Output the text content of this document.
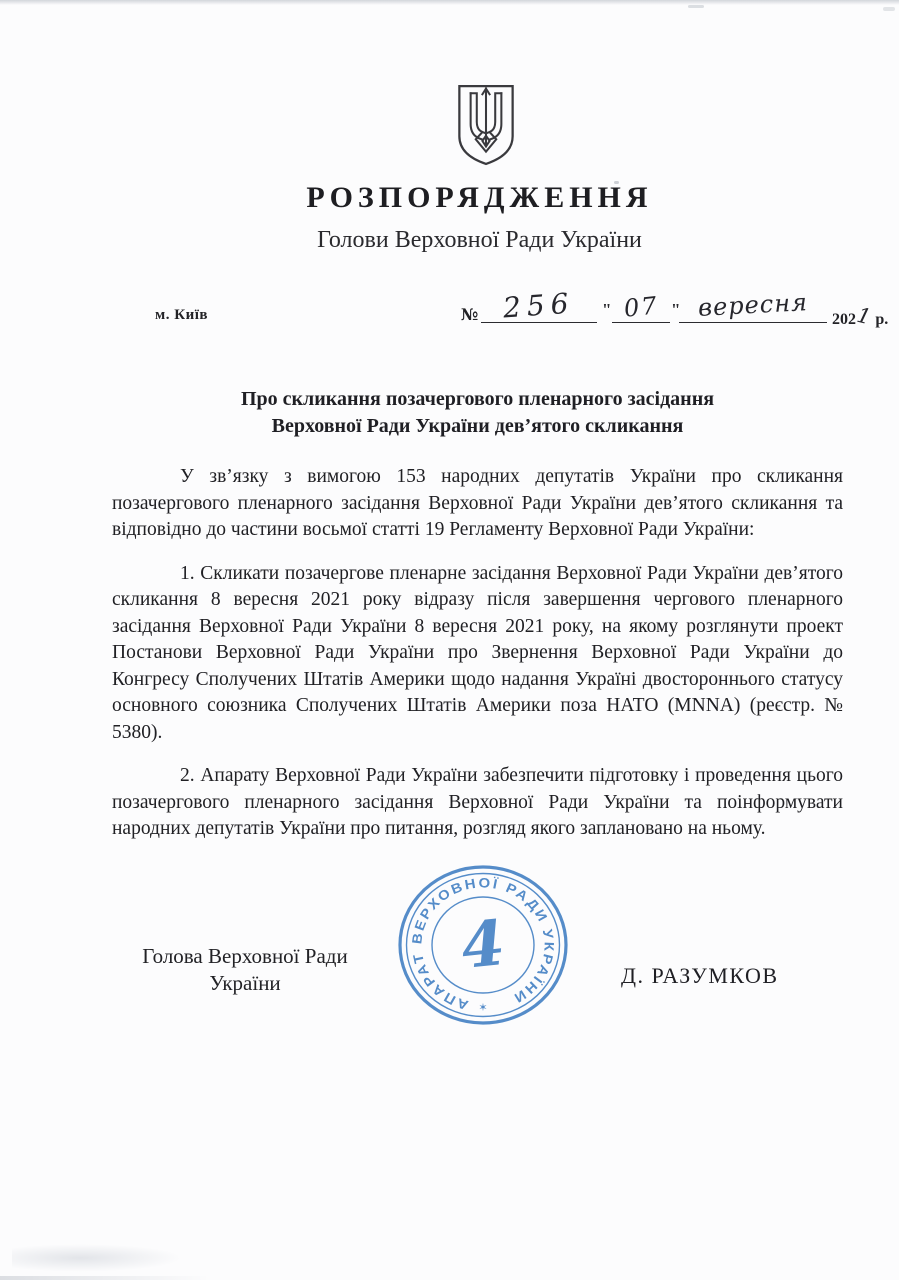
РОЗПОРЯДЖЕННЯ
Голови Верховної Ради України
м. Київ	№ 256	" 07 " вересня	2021 р.
Про скликання позачергового пленарного засідання
Верховної Ради України дев’ятого скликання

У зв’язку з вимогою 153 народних депутатів України про скликання позачергового пленарного засідання Верховної Ради України дев’ятого скликання та відповідно до частини восьмої статті 19 Регламенту Верховної Ради України:

1. Скликати позачергове пленарне засідання Верховної Ради України дев’ятого скликання 8 вересня 2021 року відразу після завершення чергового пленарного засідання Верховної Ради України 8 вересня 2021 року, на якому розглянути проект Постанови Верховної Ради України про Звернення Верховної Ради України до Конгресу Сполучених Штатів Америки щодо надання Україні двостороннього статусу основного союзника Сполучених Штатів Америки поза НАТО (MNNA) (реєстр. № 5380).

2. Апарату Верховної Ради України забезпечити підготовку і проведення цього позачергового пленарного засідання Верховної Ради України та поінформувати народних депутатів України про питання, розгляд якого заплановано на ньому.

Голова Верховної Ради
України	Д. РАЗУМКОВ
АПАРАТ ВЕРХОВНОЇ РАДИ УКРАЇНИ
4
✶
